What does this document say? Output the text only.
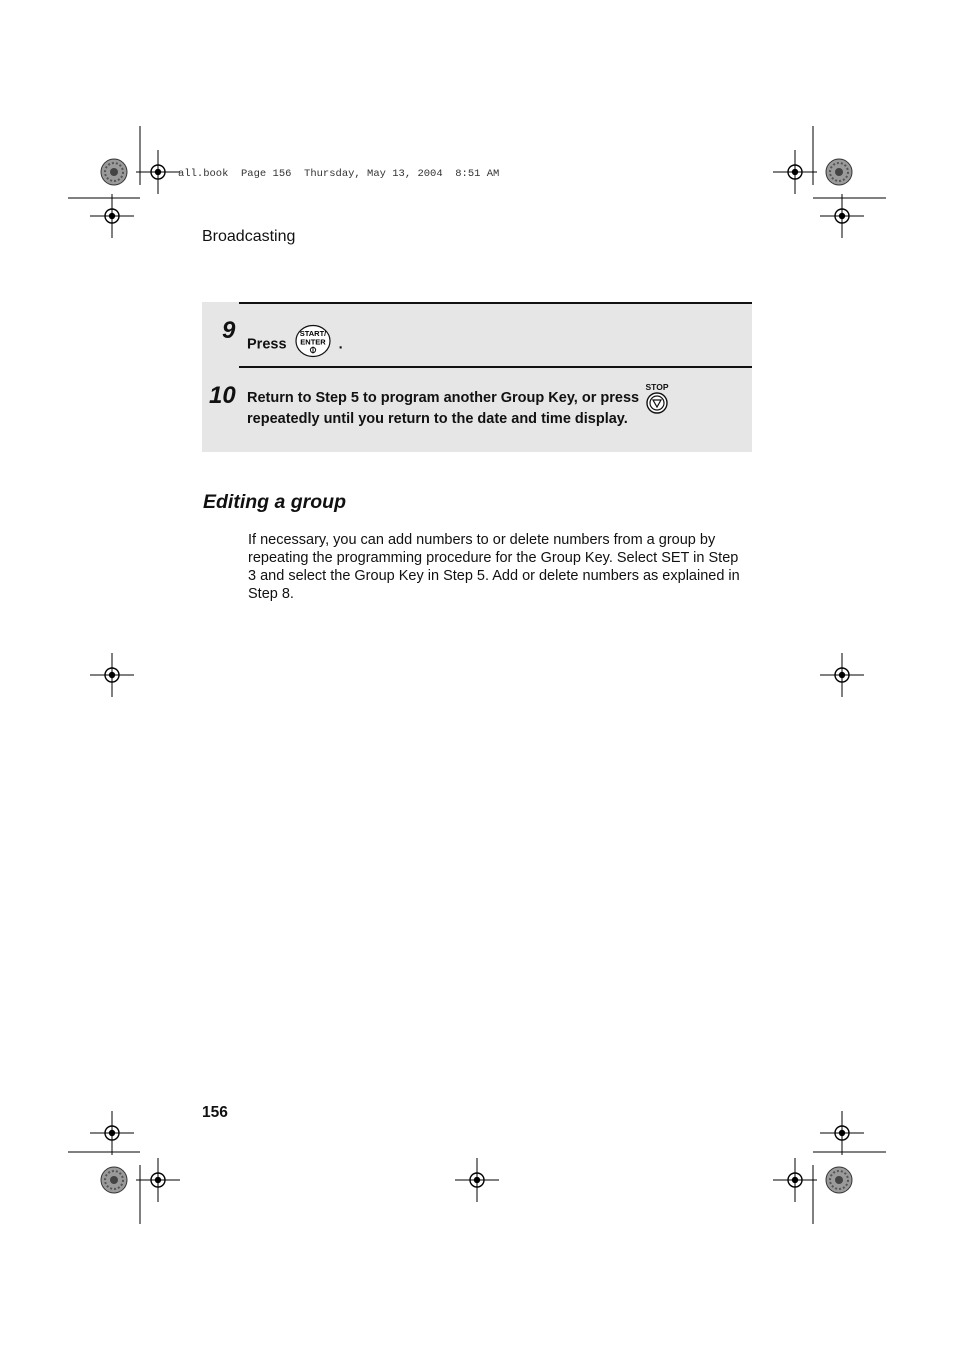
all.book  Page 156  Thursday, May 13, 2004  8:51 AM
Broadcasting
9
Press
START/
ENTER .
10 Return to Step 5 to program another Group Key, or press
repeatedly until you return to the date and time display.
STOP
Editing a group
If necessary, you can add numbers to or delete numbers from a group by
repeating the programming procedure for the Group Key. Select SET in Step
3 and select the Group Key in Step 5. Add or delete numbers as explained in
Step 8.
156
